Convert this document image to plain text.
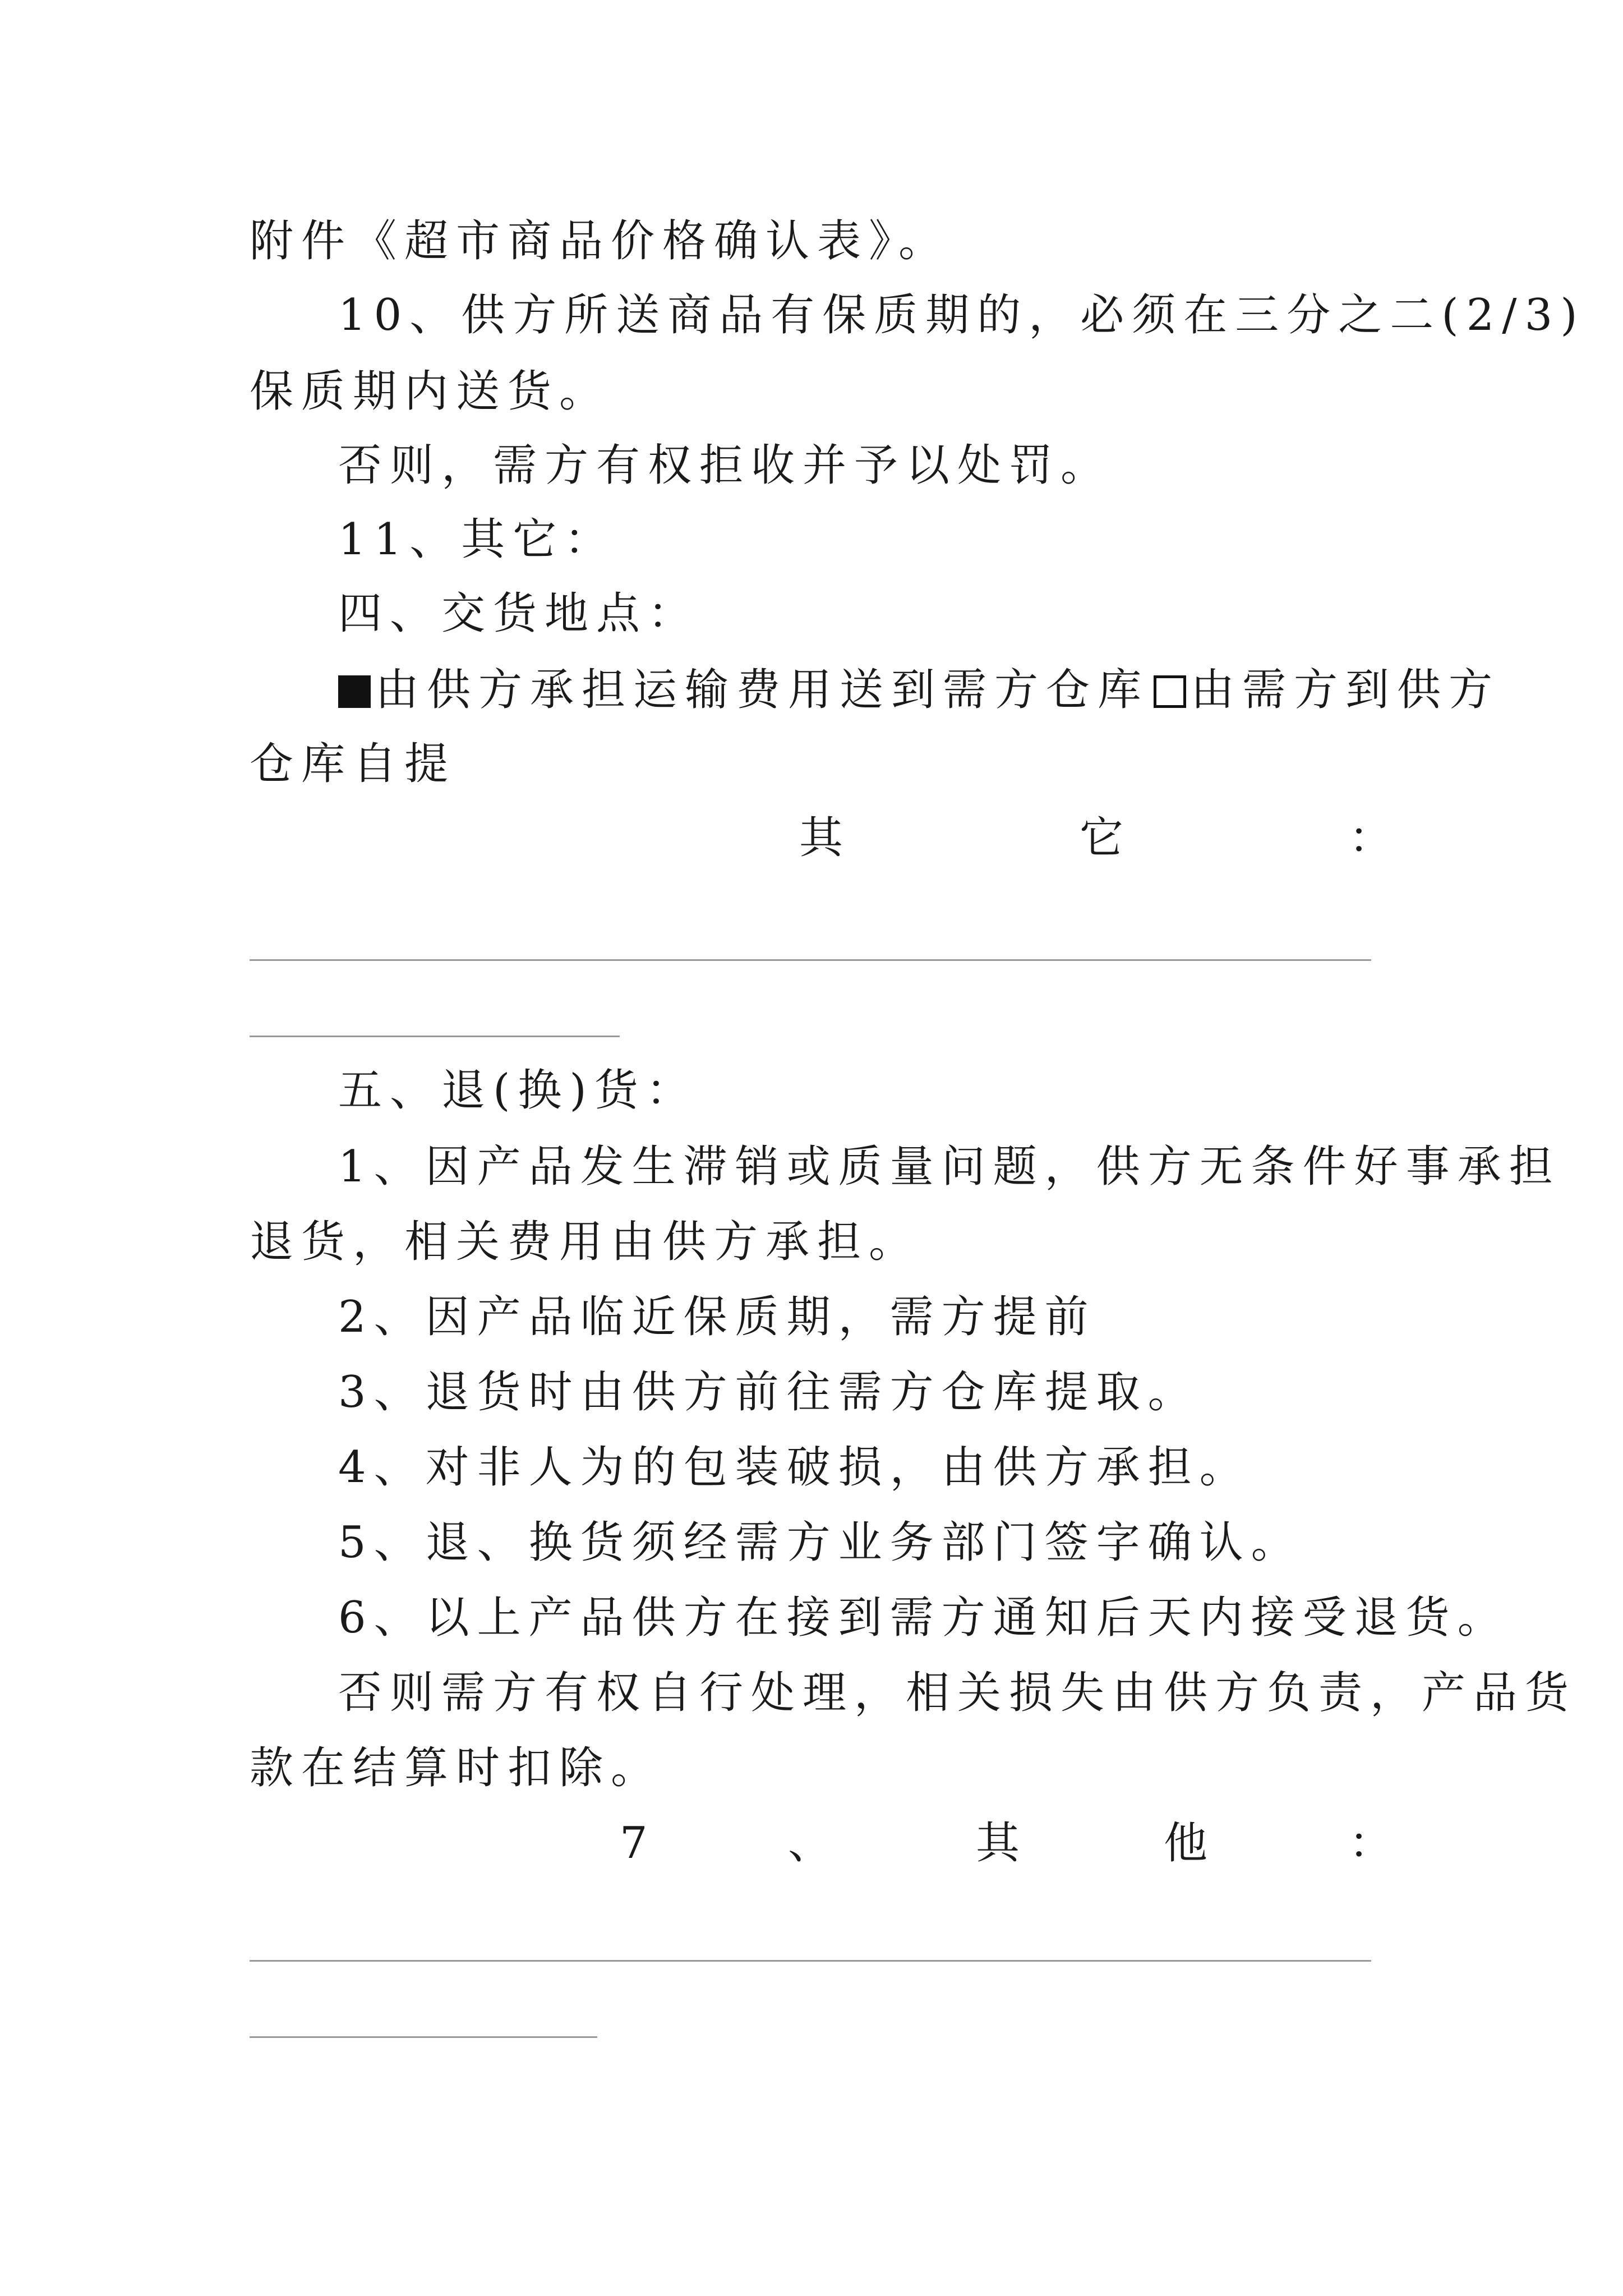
附件《超市商品价格确认表》。
10、供方所送商品有保质期的，必须在三分之二(2/3)
保质期内送货。
否则，需方有权拒收并予以处罚。
11、其它：
四、交货地点：
由供方承担运输费用送到需方仓库 由需方到供方
仓库自提
其	它	：
五、退(换)货：
1、因产品发生滞销或质量问题，供方无条件好事承担
退货，相关费用由供方承担。
2、因产品临近保质期，需方提前
3、退货时由供方前往需方仓库提取。
4、对非人为的包装破损，由供方承担。
5、退、换货须经需方业务部门签字确认。
6、以上产品供方在接到需方通知后天内接受退货。
否则需方有权自行处理，相关损失由供方负责，产品货
款在结算时扣除。
7	、	其	他	：
